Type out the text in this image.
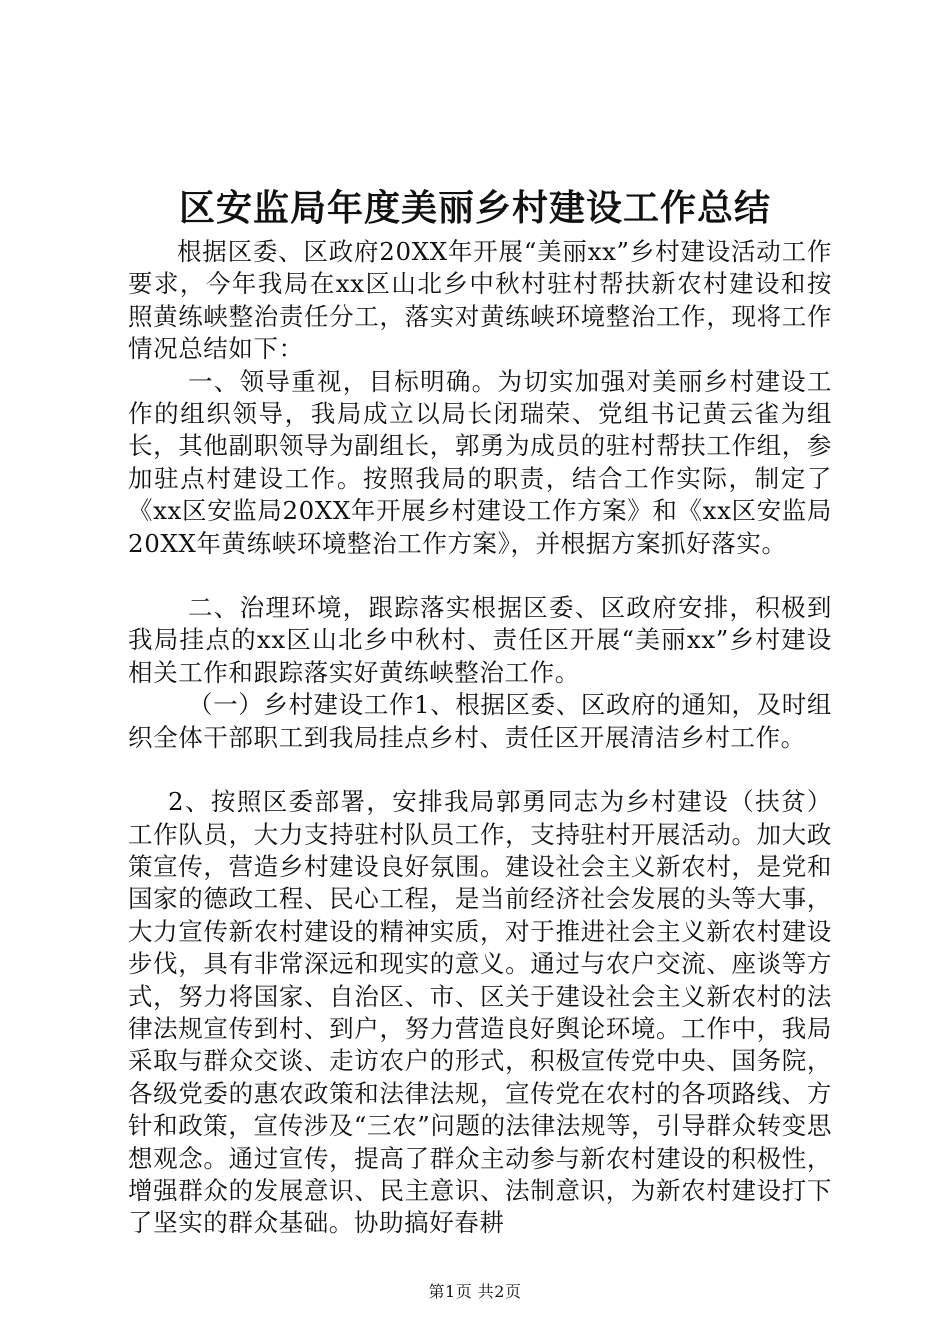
区安监局年度美丽乡村建设工作总结

根据区委、区政府20XX年开展“美丽xx”乡村建设活动工作要求，今年我局在xx区山北乡中秋村驻村帮扶新农村建设和按照黄练峡整治责任分工，落实对黄练峡环境整治工作，现将工作情况总结如下：

一、领导重视，目标明确。为切实加强对美丽乡村建设工作的组织领导，我局成立以局长闭瑞荣、党组书记黄云雀为组长，其他副职领导为副组长，郭勇为成员的驻村帮扶工作组，参加驻点村建设工作。按照我局的职责，结合工作实际，制定了《xx区安监局20XX年开展乡村建设工作方案》和《xx区安监局20XX年黄练峡环境整治工作方案》，并根据方案抓好落实。

二、治理环境，跟踪落实根据区委、区政府安排，积极到我局挂点的xx区山北乡中秋村、责任区开展“美丽xx”乡村建设相关工作和跟踪落实好黄练峡整治工作。

（一）乡村建设工作1、根据区委、区政府的通知，及时组织全体干部职工到我局挂点乡村、责任区开展清洁乡村工作。

2、按照区委部署，安排我局郭勇同志为乡村建设（扶贫）工作队员，大力支持驻村队员工作，支持驻村开展活动。加大政策宣传，营造乡村建设良好氛围。建设社会主义新农村，是党和国家的德政工程、民心工程，是当前经济社会发展的头等大事，大力宣传新农村建设的精神实质，对于推进社会主义新农村建设步伐，具有非常深远和现实的意义。通过与农户交流、座谈等方式，努力将国家、自治区、市、区关于建设社会主义新农村的法律法规宣传到村、到户，努力营造良好舆论环境。工作中，我局采取与群众交谈、走访农户的形式，积极宣传党中央、国务院，各级党委的惠农政策和法律法规，宣传党在农村的各项路线、方针和政策，宣传涉及“三农”问题的法律法规等，引导群众转变思想观念。通过宣传，提高了群众主动参与新农村建设的积极性，增强群众的发展意识、民主意识、法制意识，为新农村建设打下了坚实的群众基础。协助搞好春耕

第1页 共2页
